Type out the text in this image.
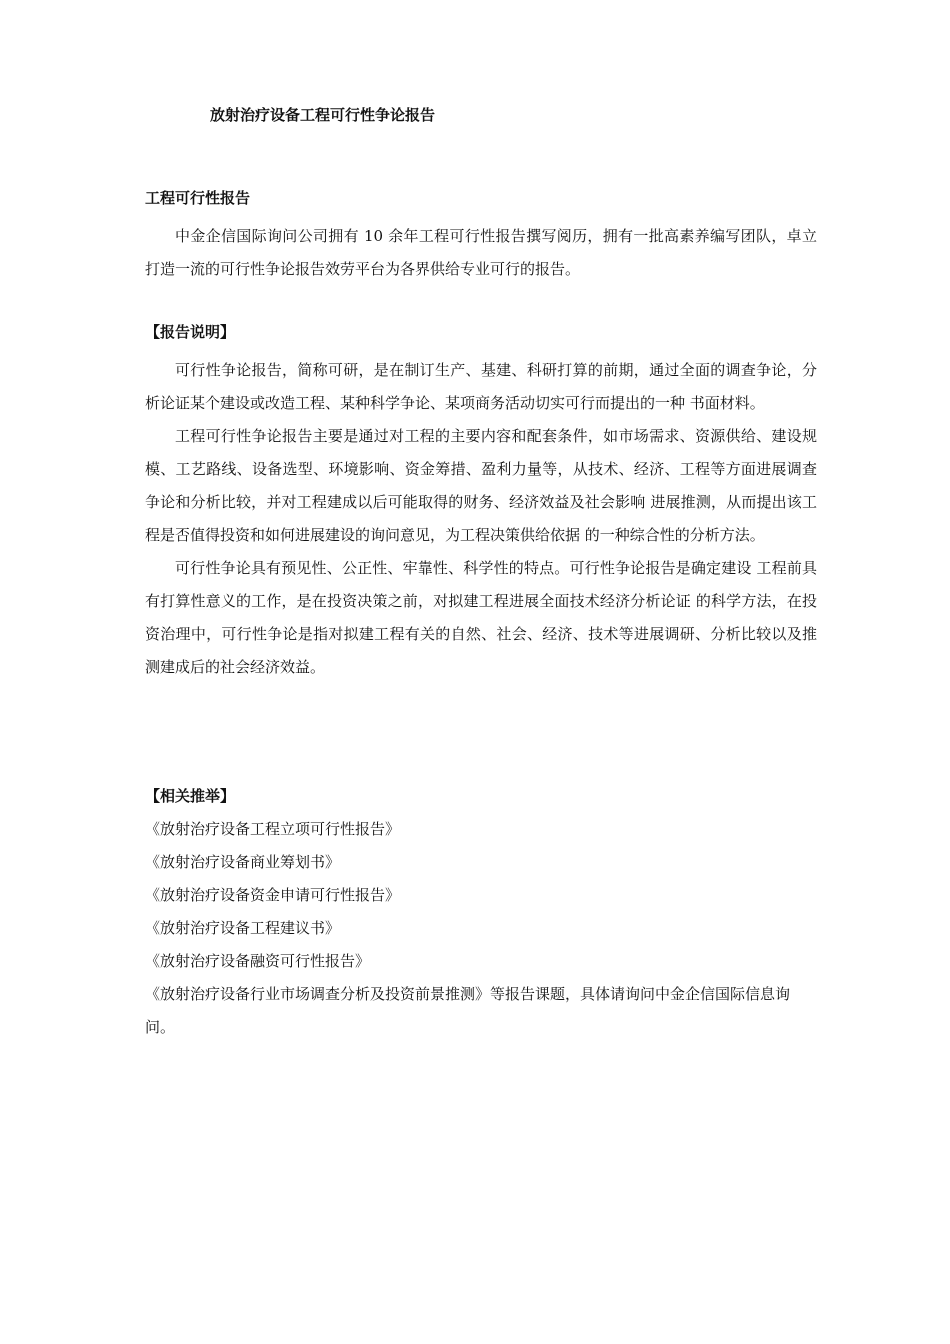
放射治疗设备工程可行性争论报告
工程可行性报告

中金企信国际询问公司拥有 10 余年工程可行性报告撰写阅历，拥有一批高素养编写团队，卓立打造一流的可行性争论报告效劳平台为各界供给专业可行的报告。

【报告说明】

可行性争论报告，简称可研，是在制订生产、基建、科研打算的前期，通过全面的调查争论，分析论证某个建设或改造工程、某种科学争论、某项商务活动切实可行而提出的一种 书面材料。

工程可行性争论报告主要是通过对工程的主要内容和配套条件，如市场需求、资源供给、建设规模、工艺路线、设备选型、环境影响、资金筹措、盈利力量等，从技术、经济、工程等方面进展调查争论和分析比较，并对工程建成以后可能取得的财务、经济效益及社会影响 进展推测，从而提出该工程是否值得投资和如何进展建设的询问意见，为工程决策供给依据 的一种综合性的分析方法。

可行性争论具有预见性、公正性、牢靠性、科学性的特点。可行性争论报告是确定建设 工程前具有打算性意义的工作，是在投资决策之前，对拟建工程进展全面技术经济分析论证 的科学方法，在投资治理中，可行性争论是指对拟建工程有关的自然、社会、经济、技术等进展调研、分析比较以及推测建成后的社会经济效益。

【相关推举】

《放射治疗设备工程立项可行性报告》

《放射治疗设备商业筹划书》

《放射治疗设备资金申请可行性报告》

《放射治疗设备工程建议书》

《放射治疗设备融资可行性报告》

《放射治疗设备行业市场调查分析及投资前景推测》等报告课题，具体请询问中金企信国际信息询问。
